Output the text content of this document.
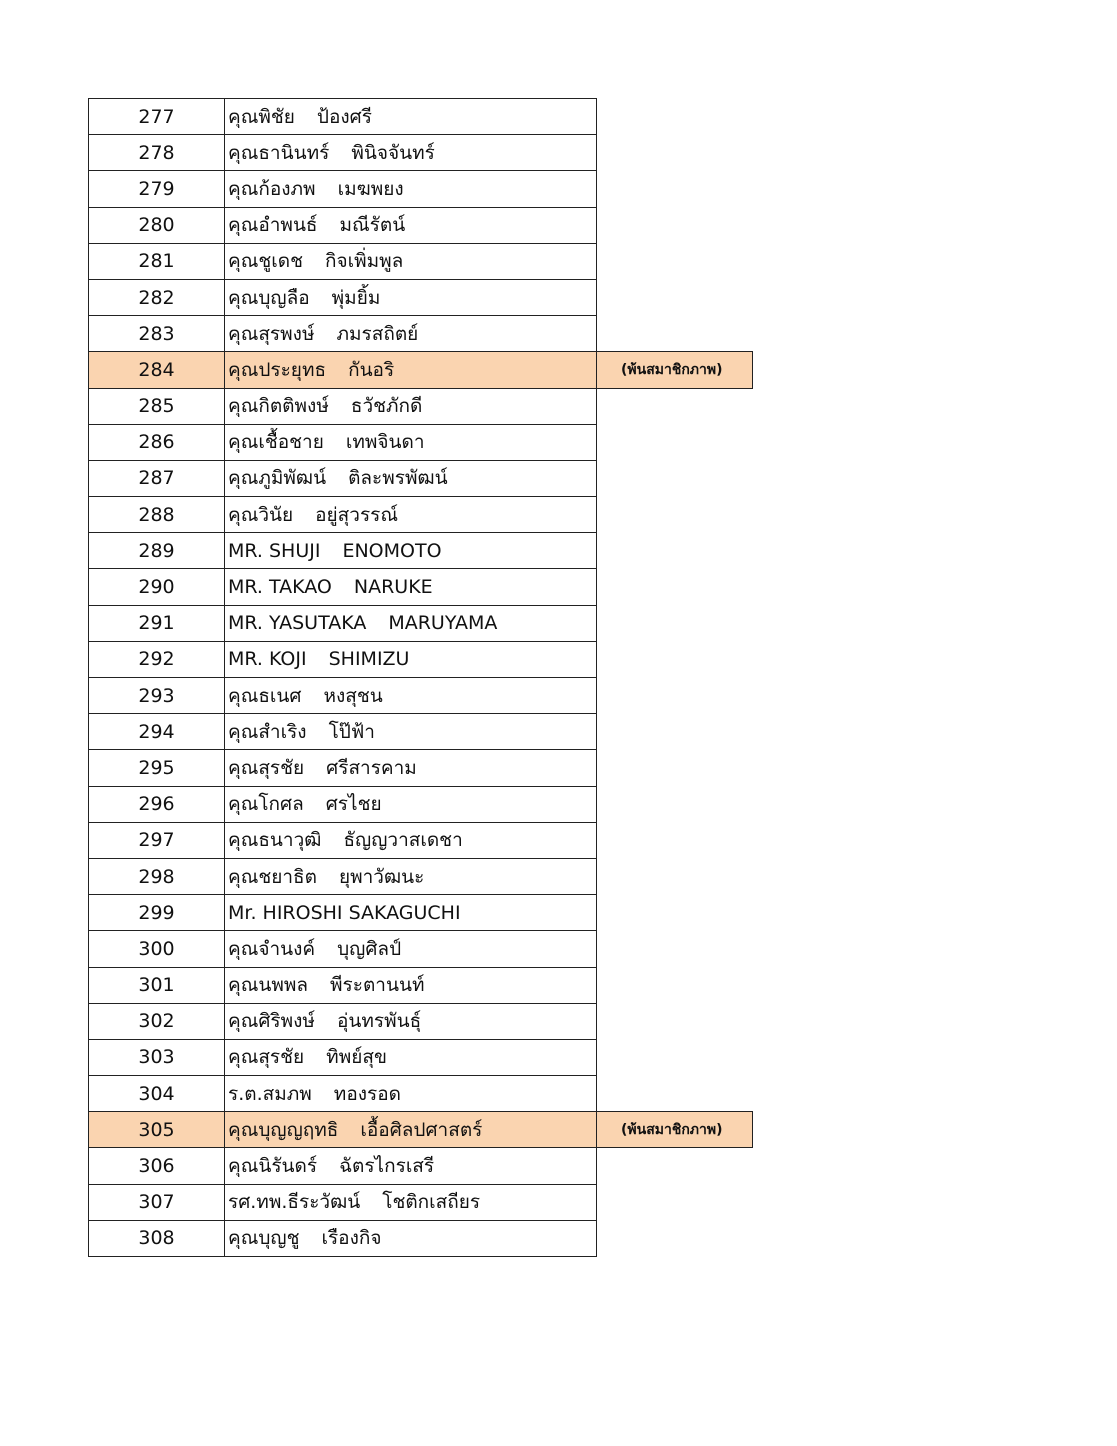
277	คุณพิชัย ป้องศรี	
278	คุณธานินทร์ พินิจจันทร์	
279	คุณก้องภพ เมฆพยง	
280	คุณอำพนธ์ มณีรัตน์	
281	คุณชูเดช กิจเพิ่มพูล	
282	คุณบุญลือ พุ่มยิ้ม	
283	คุณสุรพงษ์ ภมรสถิตย์	
284	คุณประยุทธ กันอริ	(พ้นสมาชิกภาพ)
285	คุณกิตติพงษ์ ธวัชภักดี	
286	คุณเชื้อชาย เทพจินดา	
287	คุณภูมิพัฒน์ ติละพรพัฒน์	
288	คุณวินัย อยู่สุวรรณ์	
289	MR. SHUJI ENOMOTO	
290	MR. TAKAO NARUKE	
291	MR. YASUTAKA MARUYAMA	
292	MR. KOJI SHIMIZU	
293	คุณธเนศ หงสุชน	
294	คุณสำเริง โป๊ฟ้า	
295	คุณสุรชัย ศรีสารคาม	
296	คุณโกศล ศรไชย	
297	คุณธนาวุฒิ ธัญญวาสเดชา	
298	คุณชยาธิต ยุพาวัฒนะ	
299	Mr. HIROSHI SAKAGUCHI	
300	คุณจำนงค์ บุญศิลป์	
301	คุณนพพล พีระตานนท์	
302	คุณศิริพงษ์ อุ่นทรพันธุ์	
303	คุณสุรชัย ทิพย์สุข	
304	ร.ต.สมภพ ทองรอด	
305	คุณบุญญฤทธิ เอื้อศิลปศาสตร์	(พ้นสมาชิกภาพ)
306	คุณนิรันดร์ ฉัตรไกรเสรี	
307	รศ.ทพ.ธีระวัฒน์ โชติกเสถียร	
308	คุณบุญชู เรืองกิจ	
